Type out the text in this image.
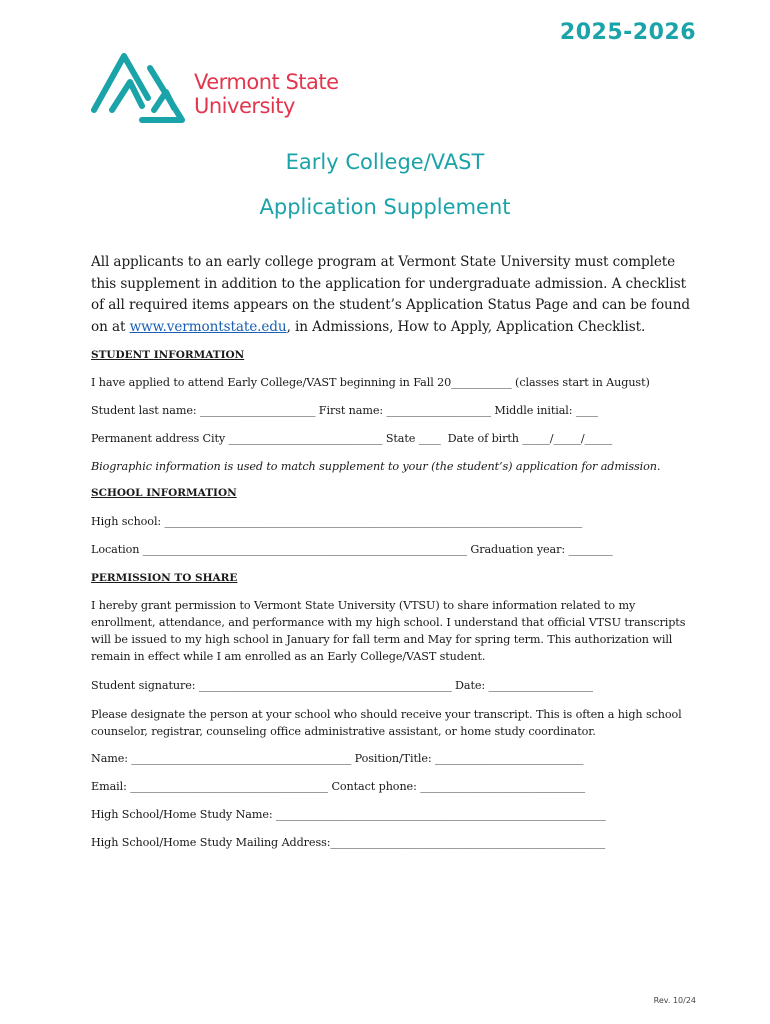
2025-2026
Vermont State
University
Early College/VAST
Application Supplement
All applicants to an early college program at Vermont State University must complete this supplement in addition to the application for undergraduate admission. A checklist of all required items appears on the student’s Application Status Page and can be found on at www.vermontstate.edu, in Admissions, How to Apply, Application Checklist.
STUDENT INFORMATION
I have applied to attend Early College/VAST beginning in Fall 20___________ (classes start in August)
Student last name: _____________________ First name: ___________________ Middle initial: ____
Permanent address City ____________________________ State ____  Date of birth _____/_____/_____
Biographic information is used to match supplement to your (the student’s) application for admission.
SCHOOL INFORMATION
High school: ____________________________________________________________________________
Location ___________________________________________________________ Graduation year: ________
PERMISSION TO SHARE
I hereby grant permission to Vermont State University (VTSU) to share information related to my enrollment, attendance, and performance with my high school. I understand that official VTSU transcripts will be issued to my high school in January for fall term and May for spring term. This authorization will remain in effect while I am enrolled as an Early College/VAST student.
Student signature: ______________________________________________ Date: ___________________
Please designate the person at your school who should receive your transcript. This is often a high school counselor, registrar, counseling office administrative assistant, or home study coordinator.
Name: ________________________________________ Position/Title: ___________________________
Email: ____________________________________ Contact phone: ______________________________
High School/Home Study Name: ____________________________________________________________
High School/Home Study Mailing Address:__________________________________________________
Rev. 10/24
